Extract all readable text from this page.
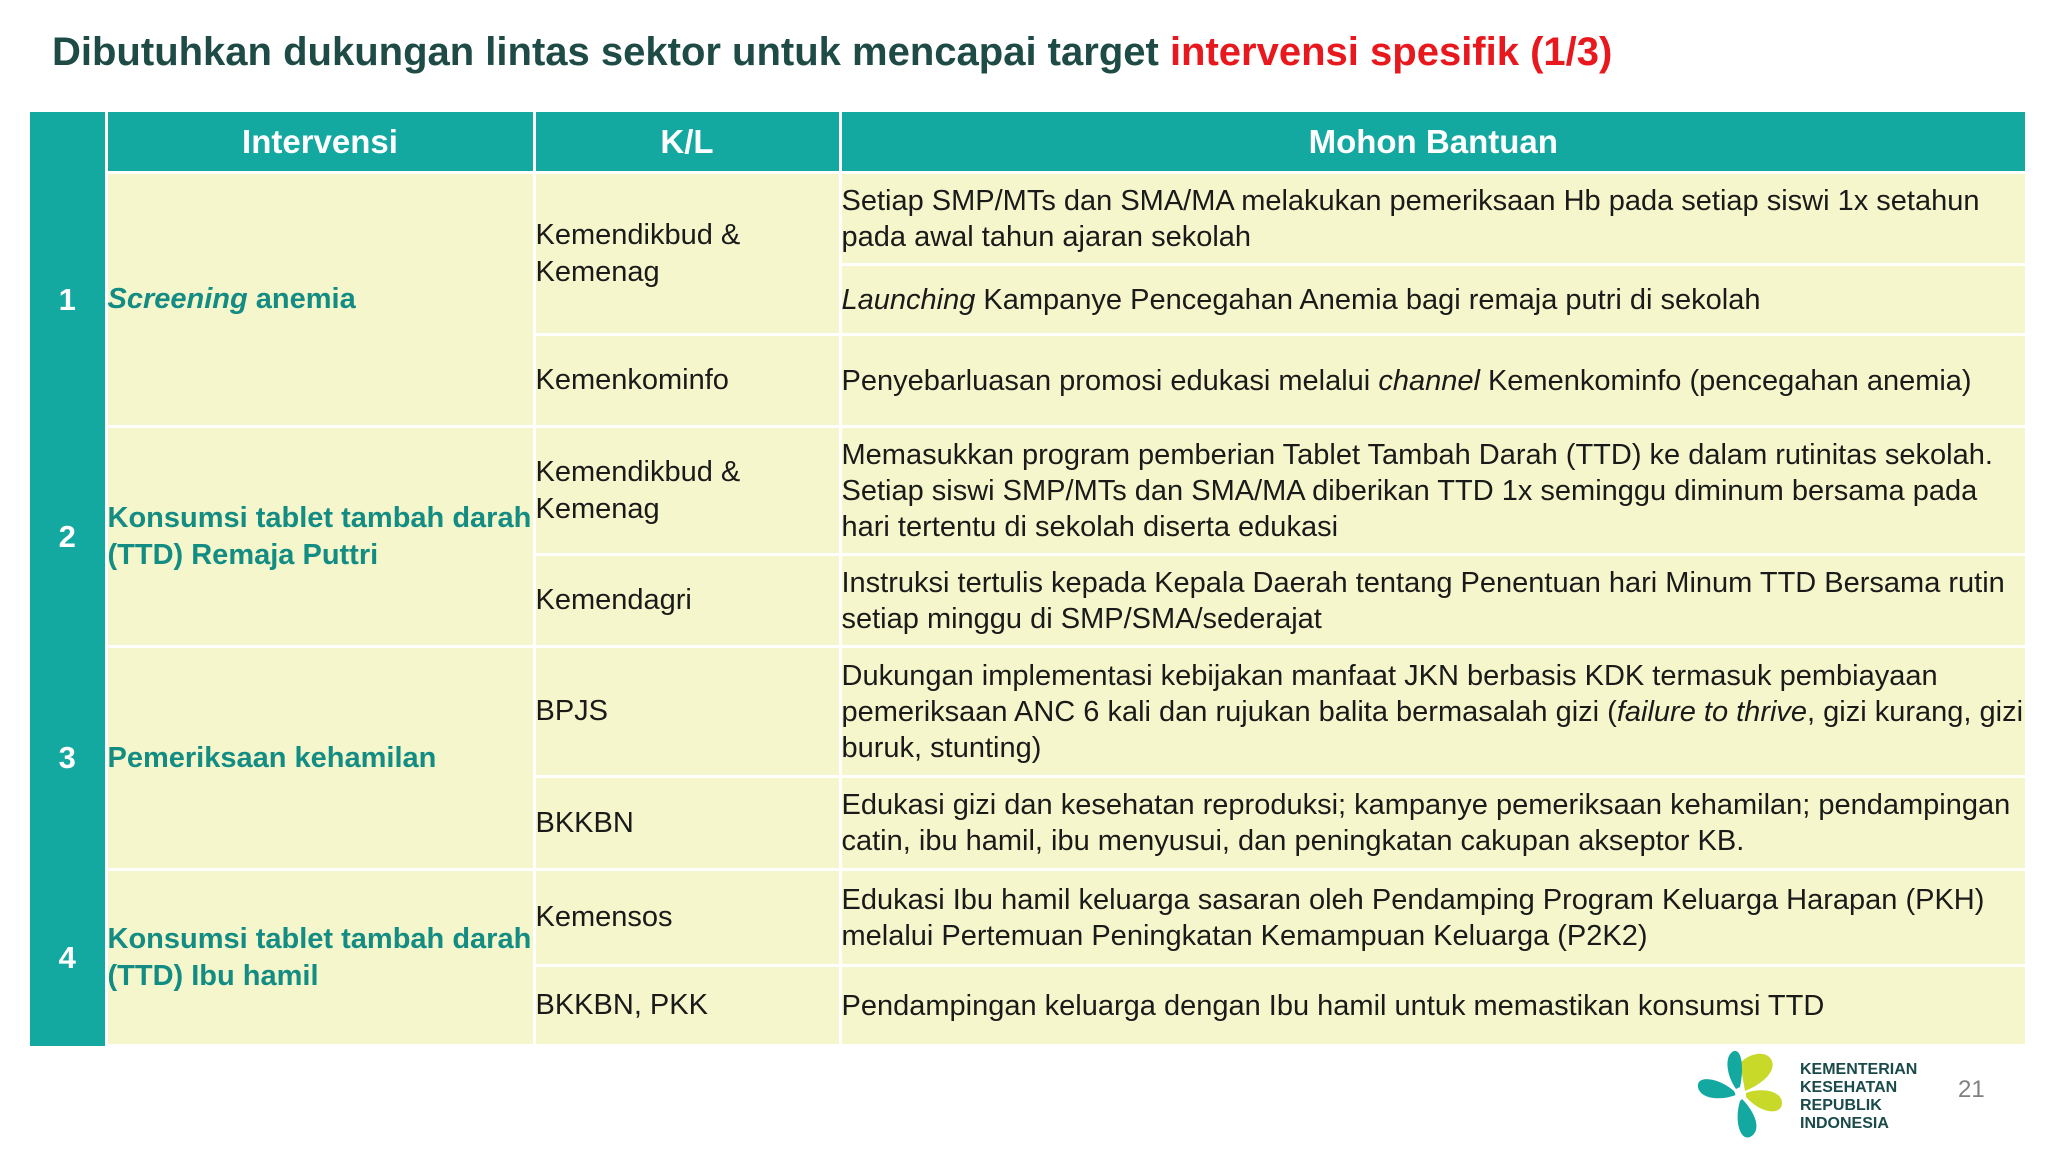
Dibutuhkan dukungan lintas sektor untuk mencapai target intervensi spesifik (1/3)
	Intervensi	K/L	Mohon Bantuan
1	Screening anemia	Kemendikbud & Kemenag	Setiap SMP/MTs dan SMA/MA melakukan pemeriksaan Hb pada setiap siswi 1x setahun pada awal tahun ajaran sekolah
			Launching Kampanye Pencegahan Anemia bagi remaja putri di sekolah
		Kemenkominfo	Penyebarluasan promosi edukasi melalui channel Kemenkominfo (pencegahan anemia)
2	Konsumsi tablet tambah darah (TTD) Remaja Puttri	Kemendikbud & Kemenag	Memasukkan program pemberian Tablet Tambah Darah (TTD) ke dalam rutinitas sekolah. Setiap siswi SMP/MTs dan SMA/MA diberikan TTD 1x seminggu diminum bersama pada hari tertentu di sekolah diserta edukasi
		Kemendagri	Instruksi tertulis kepada Kepala Daerah tentang Penentuan hari Minum TTD Bersama rutin setiap minggu di SMP/SMA/sederajat
3	Pemeriksaan kehamilan	BPJS	Dukungan implementasi kebijakan manfaat JKN berbasis KDK termasuk pembiayaan pemeriksaan ANC 6 kali dan rujukan balita bermasalah gizi (failure to thrive, gizi kurang, gizi buruk, stunting)
		BKKBN	Edukasi gizi dan kesehatan reproduksi; kampanye pemeriksaan kehamilan; pendampingan catin, ibu hamil, ibu menyusui, dan peningkatan cakupan akseptor KB.
4	Konsumsi tablet tambah darah (TTD) Ibu hamil	Kemensos	Edukasi Ibu hamil keluarga sasaran oleh Pendamping Program Keluarga Harapan (PKH) melalui Pertemuan Peningkatan Kemampuan Keluarga (P2K2)
		BKKBN, PKK	Pendampingan keluarga dengan Ibu hamil untuk memastikan konsumsi TTD
KEMENTERIAN
KESEHATAN
REPUBLIK
INDONESIA
21
